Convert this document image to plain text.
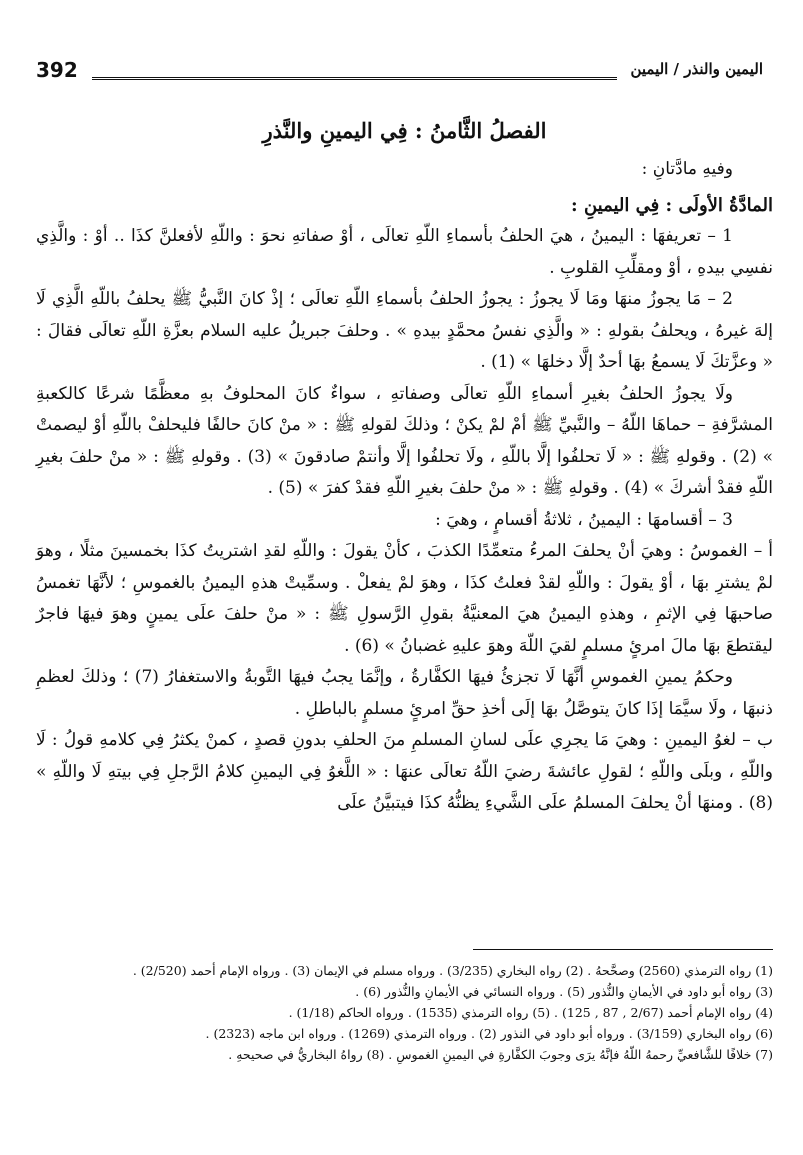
392	اليمين والنذر / اليمين
الفصلُ الثَّامنُ : فِي اليمينِ والنَّذرِ

وفيهِ مادَّتانِ :

المادَّةُ الأولَى : فِي اليمينِ :

1 – تعريفهَا : اليمينُ ، هيَ الحلفُ بأسماءِ اللّهِ تعالَى ، أوْ صفاتهِ نحوَ : واللّهِ لأفعلنَّ كذَا .. أوْ : والَّذِي نفسِي بيدهِ ، أوْ ومقلِّبِ القلوبِ .

2 – مَا يجوزُ منهَا ومَا لَا يجوزُ : يجوزُ الحلفُ بأسماءِ اللّهِ تعالَى ؛ إذْ كانَ النَّبيُّ ﷺ يحلفُ باللّهِ الَّذِي لَا إلهَ غيرهُ ، ويحلفُ بقولهِ : « والَّذِي نفسُ محمَّدٍ بيدهِ » . وحلفَ جبريلُ عليه السلام بعزَّةِ اللّهِ تعالَى فقالَ : « وعزَّتكَ لَا يسمعُ بهَا أحدٌ إلَّا دخلهَا » (1) .

ولَا يجوزُ الحلفُ بغيرِ أسماءِ اللّهِ تعالَى وصفاتهِ ، سواءٌ كانَ المحلوفُ بهِ معظَّمًا شرعًا كالكعبةِ المشرَّفةِ – حماهَا اللّهُ – والنَّبيِّ ﷺ أمْ لمْ يكنْ ؛ وذلكَ لقولهِ ﷺ : « منْ كانَ حالفًا فليحلفْ باللّهِ أوْ ليصمتْ » (2) . وقولهِ ﷺ : « لَا تحلفُوا إلَّا باللّهِ ، ولَا تحلفُوا إلَّا وأنتمْ صادقونَ » (3) . وقولهِ ﷺ : « منْ حلفَ بغيرِ اللّهِ فقدْ أشركَ » (4) . وقولهِ ﷺ : « منْ حلفَ بغيرِ اللّهِ فقدْ كفرَ » (5) .

3 – أقسامهَا : اليمينُ ، ثلاثةُ أقسامٍ ، وهيَ :

أ – الغموسُ : وهيَ أنْ يحلفَ المرءُ متعمِّدًا الكذبَ ، كأنْ يقولَ : واللّهِ لقدِ اشتريتُ كذَا بخمسينَ مثلًا ، وهوَ لمْ يشترِ بهَا ، أوْ يقولَ : واللّهِ لقدْ فعلتُ كذَا ، وهوَ لمْ يفعلْ . وسمِّيتْ هذهِ اليمينُ بالغموسِ ؛ لأنَّهَا تغمسُ صاحبهَا فِي الإثمِ ، وهذهِ اليمينُ هيَ المعنيَّةُ بقولِ الرَّسولِ ﷺ : « منْ حلفَ علَى يمينٍ وهوَ فيهَا فاجرٌ ليقتطعَ بهَا مالَ امرئٍ مسلمٍ لقيَ اللّهَ وهوَ عليهِ غضبانُ » (6) .

وحكمُ يمينِ الغموسِ أنَّهَا لَا تجزئُ فيهَا الكفَّارةُ ، وإنَّمَا يجبُ فيهَا التَّوبةُ والاستغفارُ (7) ؛ وذلكَ لعظمِ ذنبهَا ، ولَا سيَّمَا إذَا كانَ يتوصَّلُ بهَا إلَى أخذِ حقِّ امرئٍ مسلمٍ بالباطلِ .

ب – لغوُ اليمينِ : وهيَ مَا يجرِي علَى لسانِ المسلمِ منَ الحلفِ بدونِ قصدٍ ، كمنْ يكثرُ فِي كلامهِ قولُ : لَا واللّهِ ، وبلَى واللّهِ ؛ لقولِ عائشةَ رضيَ اللّهُ تعالَى عنهَا : « اللَّغوُ فِي اليمينِ كلامُ الرَّجلِ فِي بيتهِ لَا واللّهِ » (8) . ومنهَا أنْ يحلفَ المسلمُ علَى الشَّيءِ يظنُّهُ كذَا فيتبيَّنُ علَى

(1) رواه الترمذي (2560) وصحَّحهُ . (2) رواه البخاري (3/235) . ورواه مسلم في الإيمان (3) . ورواه الإمام أحمد (2/520) .
(3) رواه أبو داود في الأيمانِ والنُّذور (5) . ورواه النسائي في الأيمانِ والنُّذور (6) .
(4) رواه الإمام أحمد (2/67 , 87 , 125) . (5) رواه الترمذي (1535) . ورواه الحاكم (1/18) .
(6) رواه البخاري (3/159) . ورواه أبو داود في النذور (2) . ورواه الترمذي (1269) . ورواه ابن ماجه (2323) .
(7) خلافًا للشَّافعيِّ رحمهُ اللّهُ فإنَّهُ يرَى وجوبَ الكفَّارةِ في اليمينِ الغموسِ . (8) رواهُ البخاريُّ في صحيحهِ .
